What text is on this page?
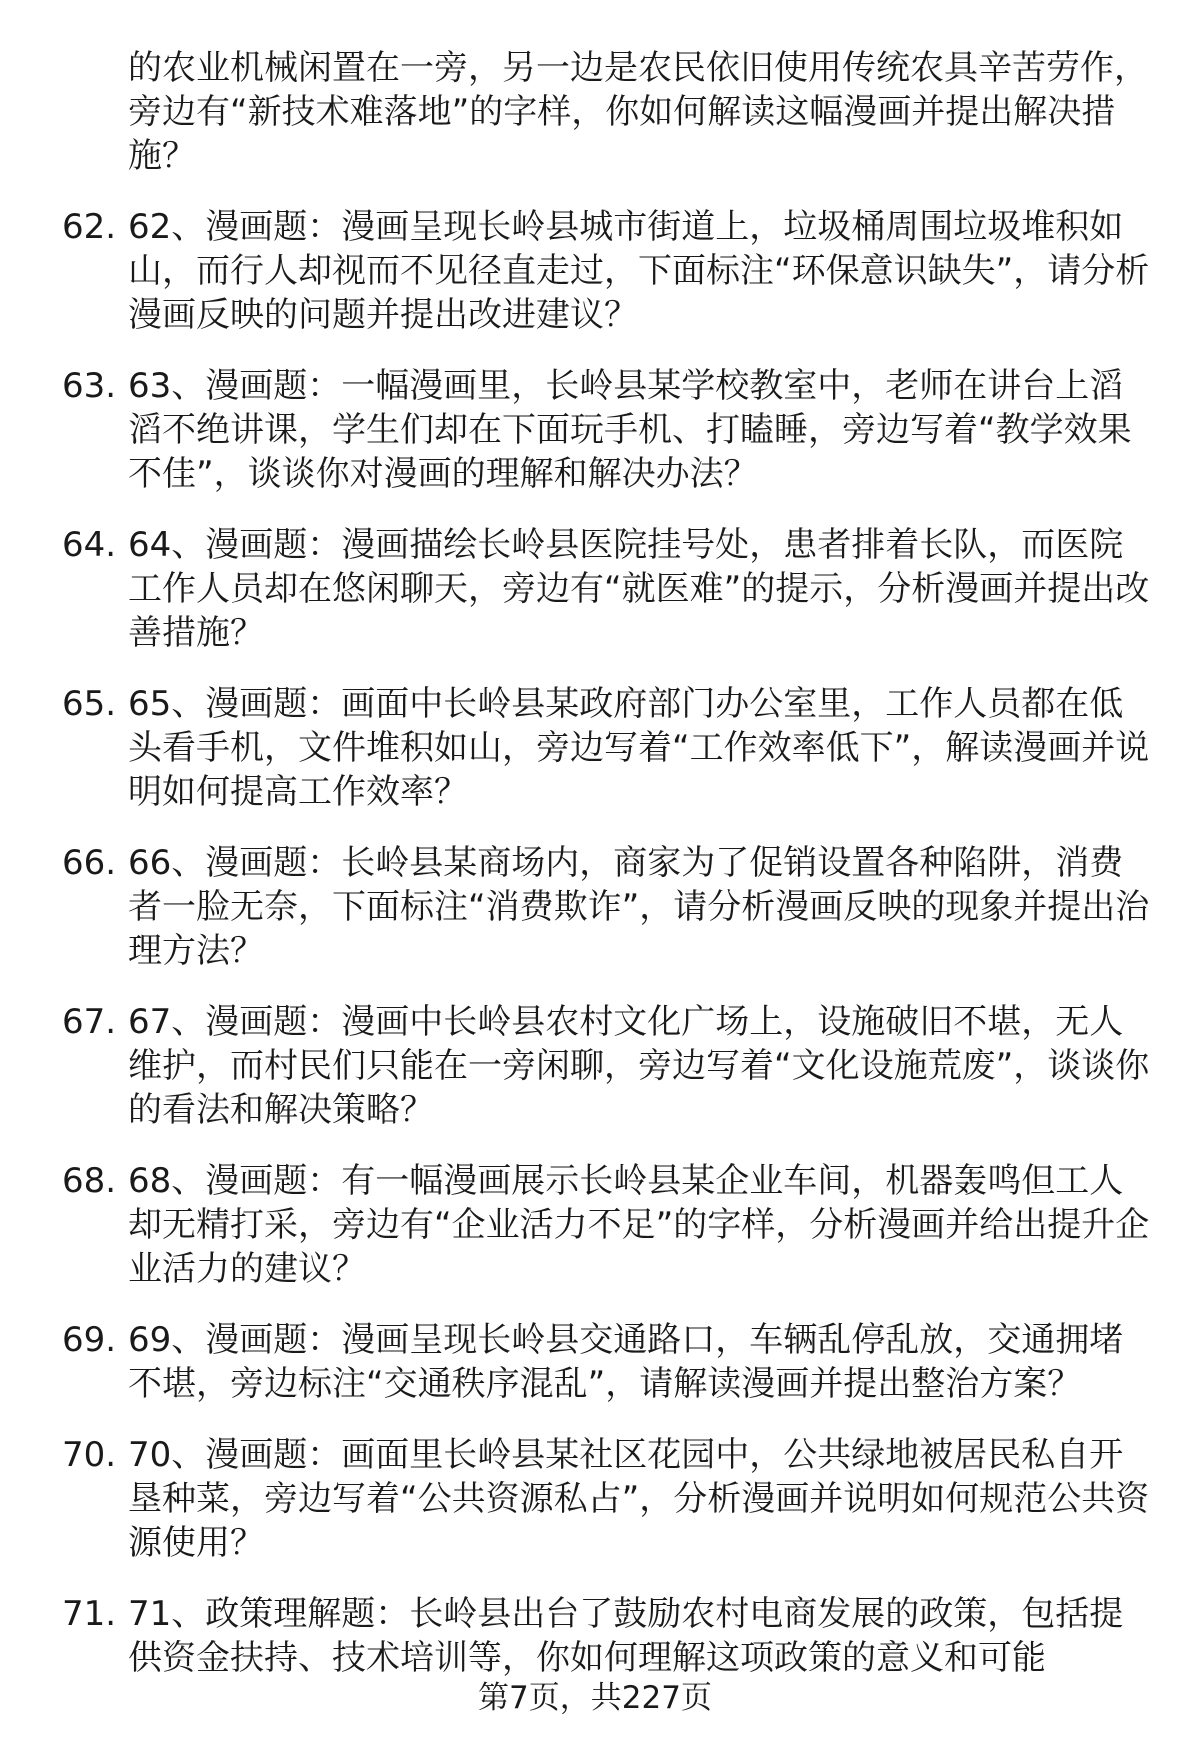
的农业机械闲置在一旁，另一边是农民依旧使用传统农具辛苦劳作，旁边有“新技术难落地”的字样，你如何解读这幅漫画并提出解决措施？
62. 62、漫画题：漫画呈现长岭县城市街道上，垃圾桶周围垃圾堆积如山，而行人却视而不见径直走过，下面标注“环保意识缺失”，请分析漫画反映的问题并提出改进建议？
63. 63、漫画题：一幅漫画里，长岭县某学校教室中，老师在讲台上滔滔不绝讲课，学生们却在下面玩手机、打瞌睡，旁边写着“教学效果不佳”，谈谈你对漫画的理解和解决办法？
64. 64、漫画题：漫画描绘长岭县医院挂号处，患者排着长队，而医院工作人员却在悠闲聊天，旁边有“就医难”的提示，分析漫画并提出改善措施？
65. 65、漫画题：画面中长岭县某政府部门办公室里，工作人员都在低头看手机，文件堆积如山，旁边写着“工作效率低下”，解读漫画并说明如何提高工作效率？
66. 66、漫画题：长岭县某商场内，商家为了促销设置各种陷阱，消费者一脸无奈，下面标注“消费欺诈”，请分析漫画反映的现象并提出治理方法？
67. 67、漫画题：漫画中长岭县农村文化广场上，设施破旧不堪，无人维护，而村民们只能在一旁闲聊，旁边写着“文化设施荒废”，谈谈你的看法和解决策略？
68. 68、漫画题：有一幅漫画展示长岭县某企业车间，机器轰鸣但工人却无精打采，旁边有“企业活力不足”的字样，分析漫画并给出提升企业活力的建议？
69. 69、漫画题：漫画呈现长岭县交通路口，车辆乱停乱放，交通拥堵不堪，旁边标注“交通秩序混乱”，请解读漫画并提出整治方案？
70. 70、漫画题：画面里长岭县某社区花园中，公共绿地被居民私自开垦种菜，旁边写着“公共资源私占”，分析漫画并说明如何规范公共资源使用？
71. 71、政策理解题：长岭县出台了鼓励农村电商发展的政策，包括提供资金扶持、技术培训等，你如何理解这项政策的意义和可能
第7页，共227页
